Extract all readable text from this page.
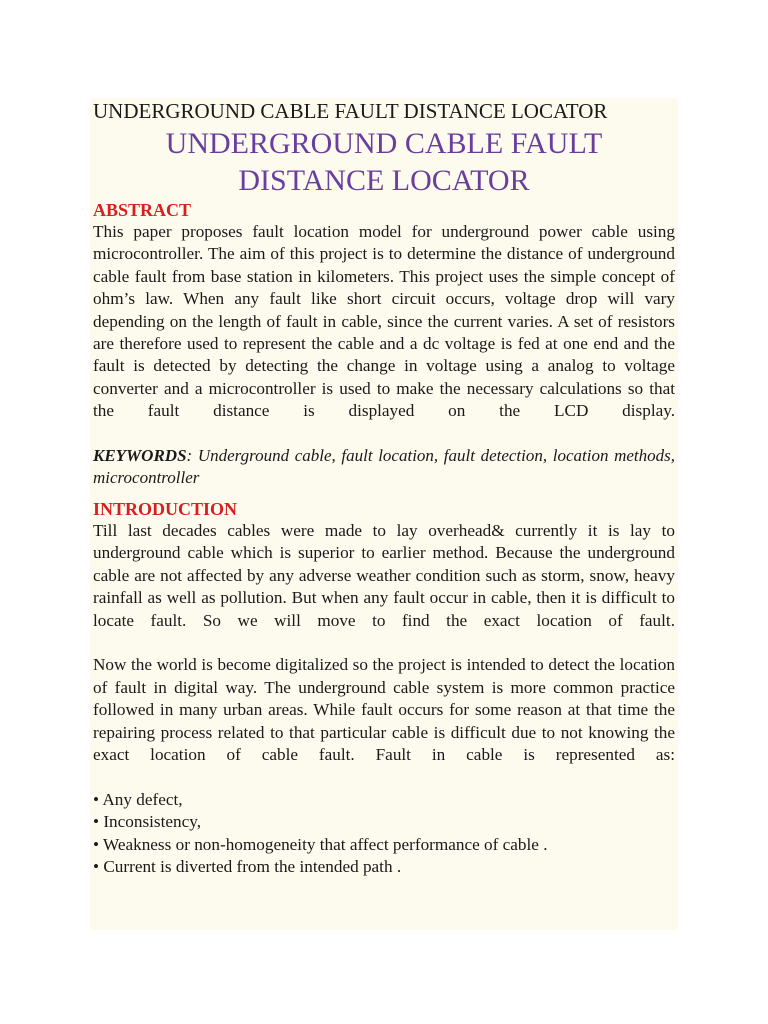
UNDERGROUND CABLE FAULT DISTANCE LOCATOR
UNDERGROUND CABLE FAULT DISTANCE LOCATOR
ABSTRACT

This paper proposes fault location model for underground power cable using microcontroller. The aim of this project is to determine the distance of underground cable fault from base station in kilometers. This project uses the simple concept of ohm’s law. When any fault like short circuit occurs, voltage drop will vary depending on the length of fault in cable, since the current varies. A set of resistors are therefore used to represent the cable and a dc voltage is fed at one end and the fault is detected by detecting the change in voltage using a analog to voltage converter and a microcontroller is used to make the necessary calculations so that the fault distance is displayed on the LCD display.

KEYWORDS: Underground cable, fault location, fault detection, location methods, microcontroller

INTRODUCTION

Till last decades cables were made to lay overhead& currently it is lay to underground cable which is superior to earlier method. Because the underground cable are not affected by any adverse weather condition such as storm, snow, heavy rainfall as well as pollution. But when any fault occur in cable, then it is difficult to locate fault. So we will move to find the exact location of fault.

Now the world is become digitalized so the project is intended to detect the location of fault in digital way. The underground cable system is more common practice followed in many urban areas. While fault occurs for some reason at that time the repairing process related to that particular cable is difficult due to not knowing the exact location of cable fault. Fault in cable is represented as:

• Any defect,
• Inconsistency,
• Weakness or non-homogeneity that affect performance of cable .
• Current is diverted from the intended path .
